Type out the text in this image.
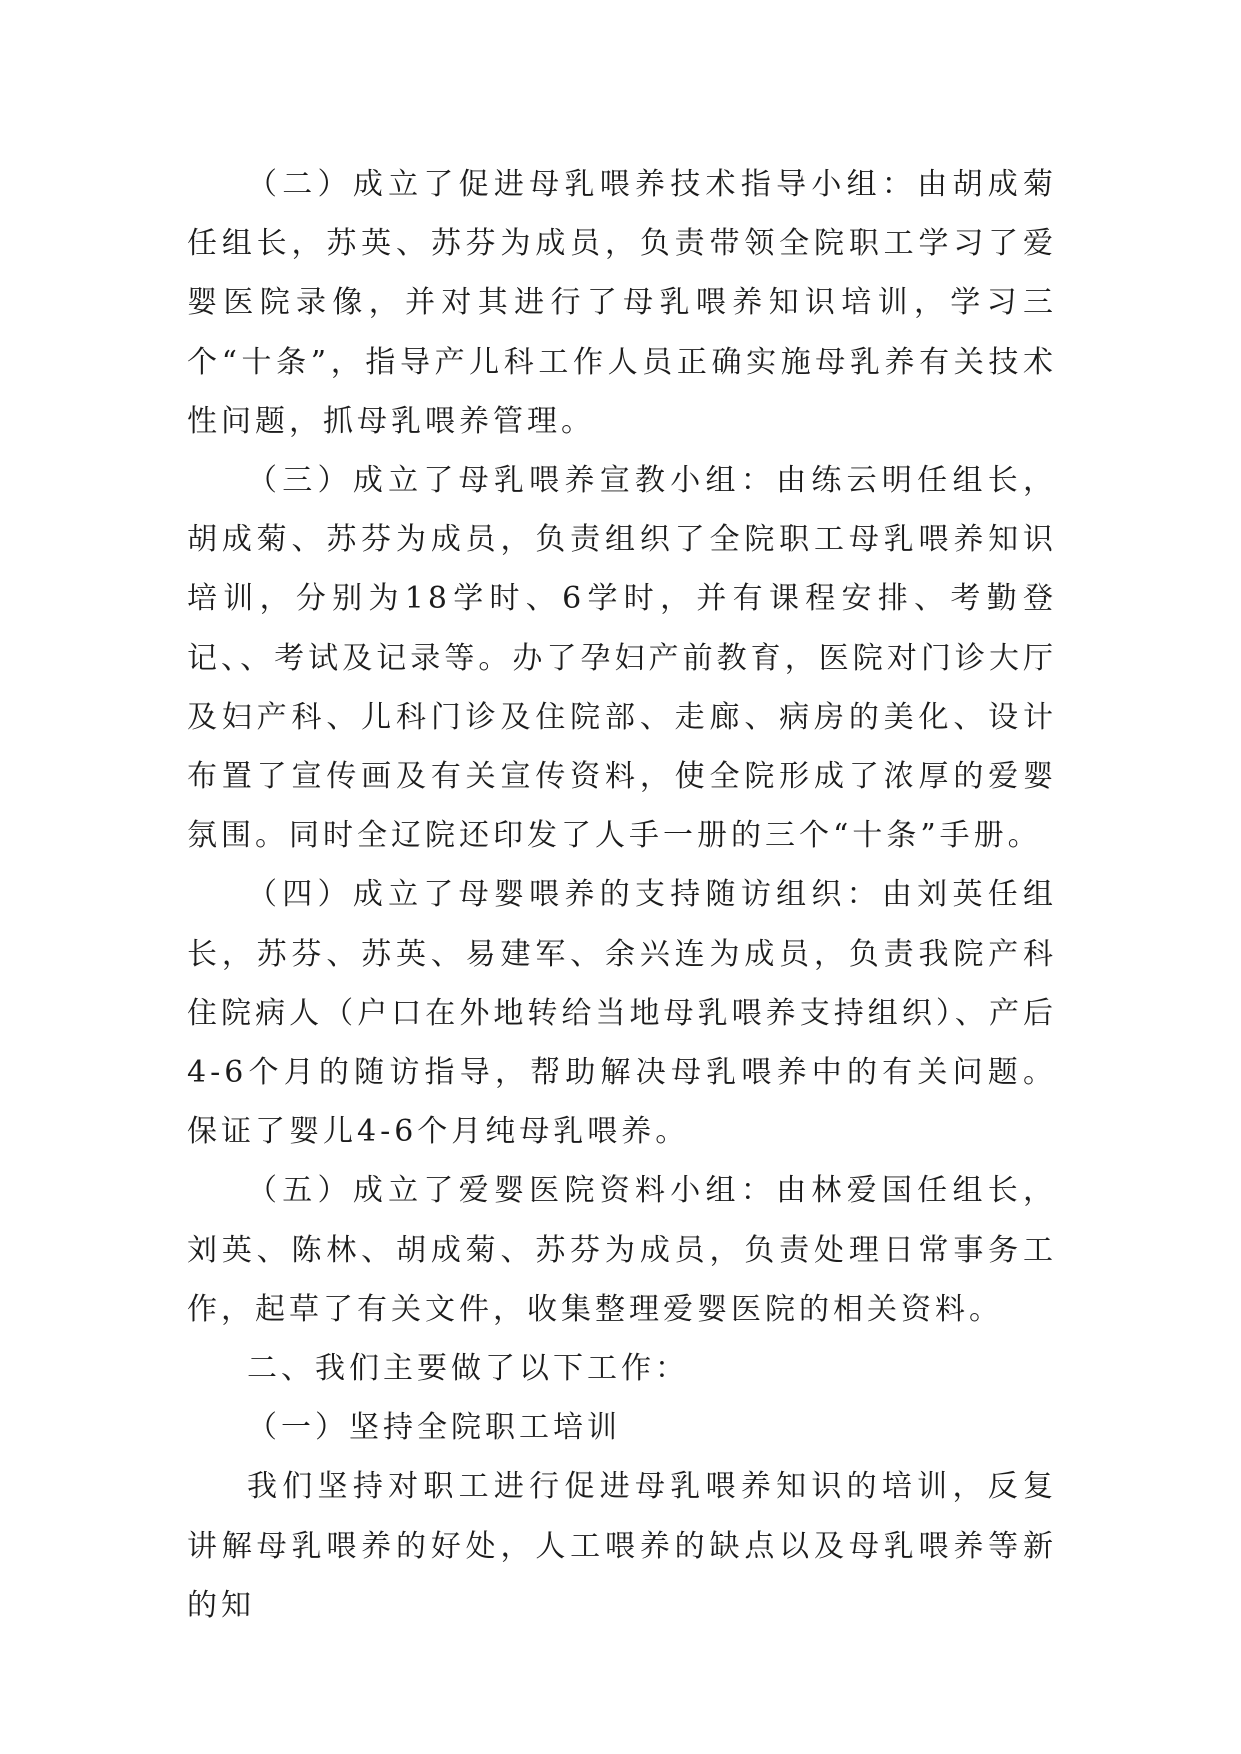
（二）成立了促进母乳喂养技术指导小组：由胡成菊任组长，苏英、苏芬为成员，负责带领全院职工学习了爱婴医院录像，并对其进行了母乳喂养知识培训，学习三个“十条”，指导产儿科工作人员正确实施母乳养有关技术性问题，抓母乳喂养管理。

（三）成立了母乳喂养宣教小组：由练云明任组长，胡成菊、苏芬为成员，负责组织了全院职工母乳喂养知识培训，分别为18学时、6学时，并有课程安排、考勤登记、、考试及记录等。办了孕妇产前教育，医院对门诊大厅及妇产科、儿科门诊及住院部、走廊、病房的美化、设计布置了宣传画及有关宣传资料，使全院形成了浓厚的爱婴氛围。同时全辽院还印发了人手一册的三个“十条”手册。

（四）成立了母婴喂养的支持随访组织：由刘英任组长，苏芬、苏英、易建军、余兴连为成员，负责我院产科住院病人（户口在外地转给当地母乳喂养支持组织）、产后4-6个月的随访指导，帮助解决母乳喂养中的有关问题。保证了婴儿4-6个月纯母乳喂养。

（五）成立了爱婴医院资料小组：由林爱国任组长，刘英、陈林、胡成菊、苏芬为成员，负责处理日常事务工作，起草了有关文件，收集整理爱婴医院的相关资料。

二、我们主要做了以下工作：

（一）坚持全院职工培训

我们坚持对职工进行促进母乳喂养知识的培训，反复讲解母乳喂养的好处，人工喂养的缺点以及母乳喂养等新的知
